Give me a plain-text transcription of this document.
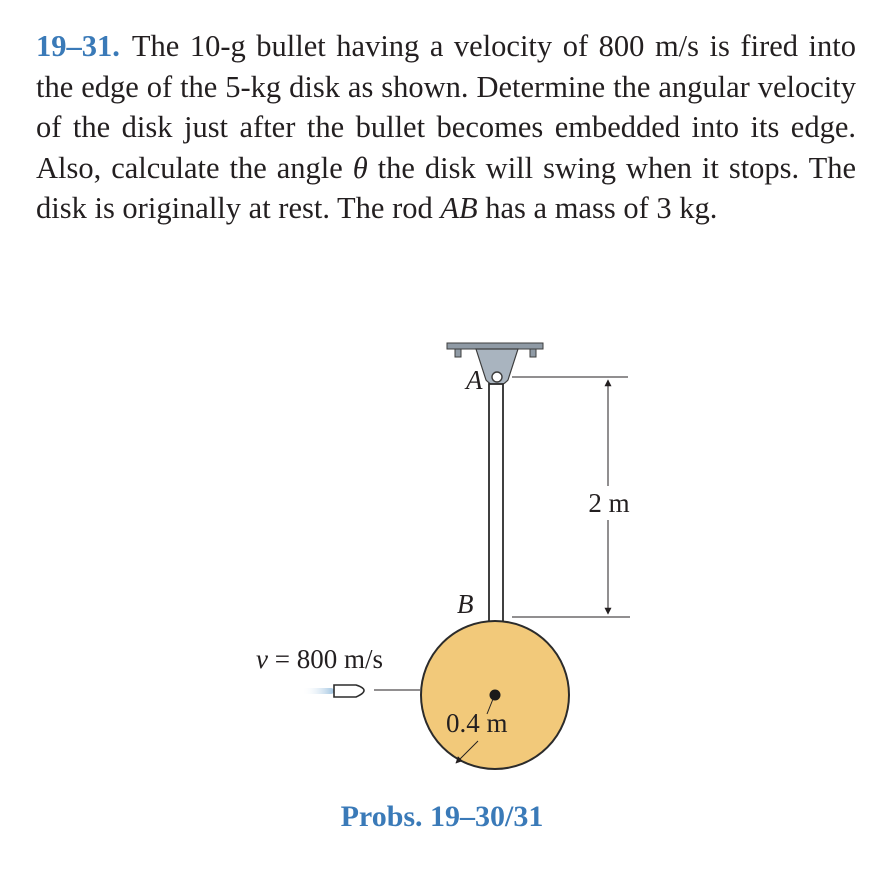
19–31. The 10-g bullet having a velocity of 800 m/s is fired into the edge of the 5-kg disk as shown. Determine the angular velocity of the disk just after the bullet becomes embedded into its edge. Also, calculate the angle θ the disk will swing when it stops. The disk is originally at rest. The rod AB has a mass of 3 kg.

2 m
A
B
0.4 m
v = 800 m/s
Probs. 19–30/31
